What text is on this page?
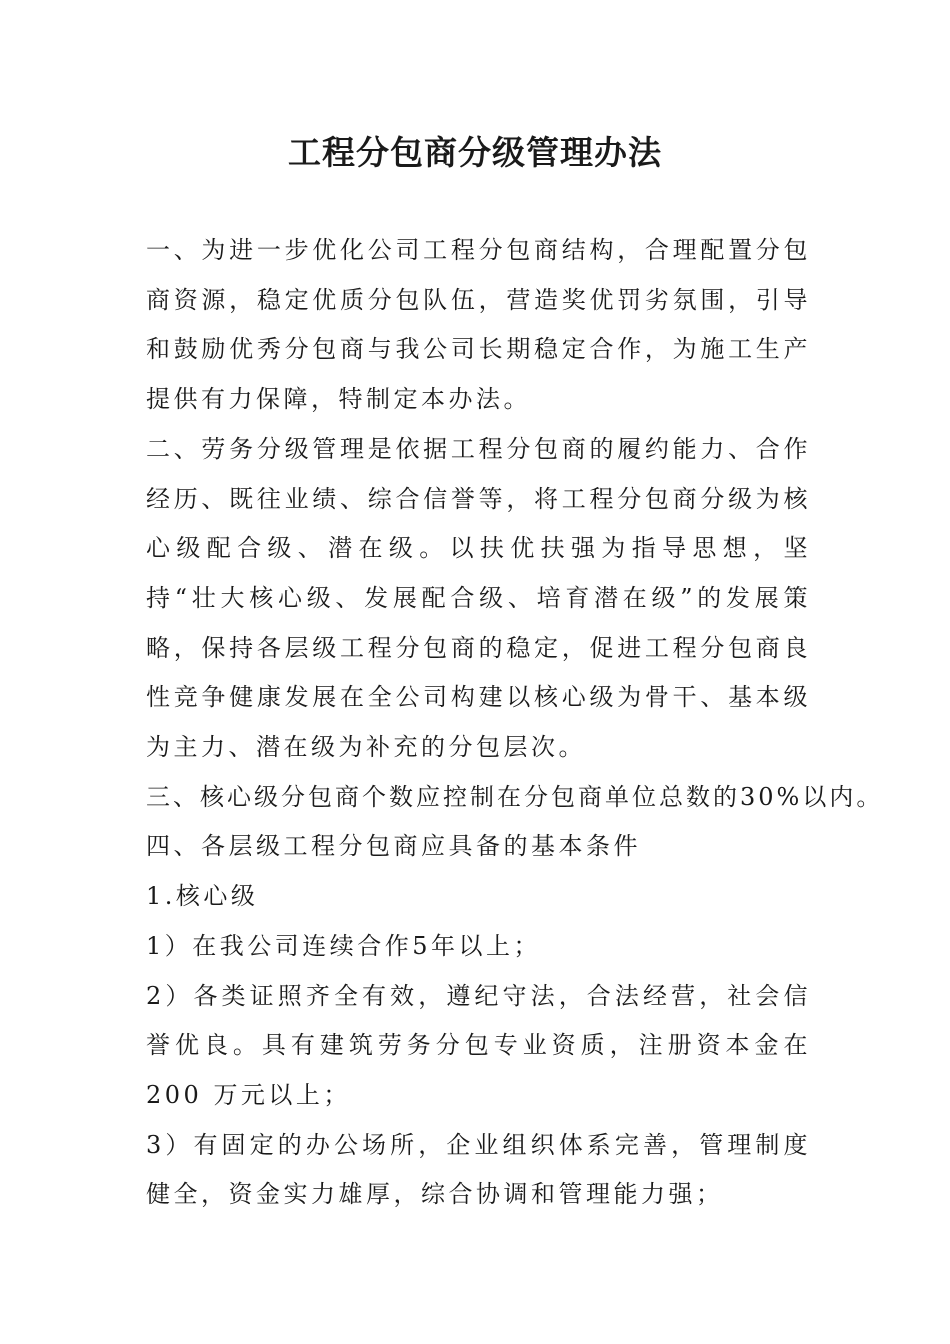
工程分包商分级管理办法

一、为进一步优化公司工程分包商结构，合理配置分包商资源，稳定优质分包队伍，营造奖优罚劣氛围，引导和鼓励优秀分包商与我公司长期稳定合作，为施工生产提供有力保障，特制定本办法。

二、劳务分级管理是依据工程分包商的履约能力、合作经历、既往业绩、综合信誉等，将工程分包商分级为核心级配合级、潜在级。以扶优扶强为指导思想，坚持“壮大核心级、发展配合级、培育潜在级”的发展策略，保持各层级工程分包商的稳定，促进工程分包商良性竞争健康发展在全公司构建以核心级为骨干、基本级为主力、潜在级为补充的分包层次。

三、核心级分包商个数应控制在分包商单位总数的30%以内。

四、各层级工程分包商应具备的基本条件

1.核心级

1）在我公司连续合作5年以上；

2）各类证照齐全有效，遵纪守法，合法经营，社会信誉优良。具有建筑劳务分包专业资质，注册资本金在 200 万元以上；

3）有固定的办公场所，企业组织体系完善，管理制度健全，资金实力雄厚，综合协调和管理能力强；
